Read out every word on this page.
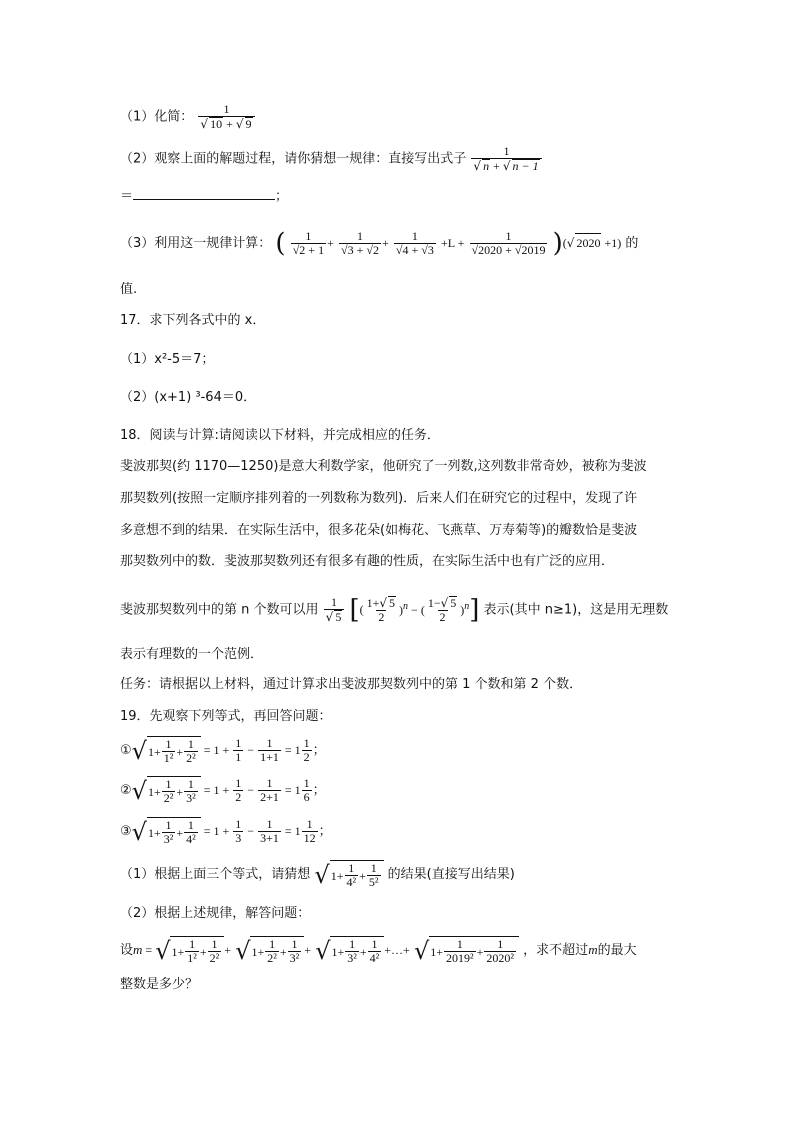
（1）化简： $\frac{1}{√ 10 + √ 9}$
（2）观察上面的解题过程，请你猜想一规律：直接写出式子 $\frac{1}{√ n + √ n - 1}$
＝	；
（3）利用这一规律计算： ( $\frac{1}{√2 + 1} + \frac{1}{√3 + √2} + \frac{1}{√4 + √3} +L + \frac{1}{√2020 + √2019}$ )(√ 2020 +1) 的
值.
17．求下列各式中的 x．
（1）x²-5＝7；
（2）(x+1) ³-64＝0．
18．阅读与计算:请阅读以下材料，并完成相应的任务．
斐波那契(约 1170—1250)是意大利数学家，他研究了一列数,这列数非常奇妙，被称为斐波
那契数列(按照一定顺序排列着的一列数称为数列)．后来人们在研究它的过程中，发现了许
多意想不到的结果．在实际生活中，很多花朵(如梅花、飞燕草、万寿菊等)的瓣数恰是斐波
那契数列中的数．斐波那契数列还有很多有趣的性质，在实际生活中也有广泛的应用．
斐波那契数列中的第 n 个数可以用 $\frac{1}{√ 5}$ [( $\frac{1+√ 5}{2} )^n$ − ( $\frac{1-√ 5}{2} )^n$] 表示(其中 n≥1)，这是用无理数
表示有理数的一个范例．
任务：请根据以上材料，通过计算求出斐波那契数列中的第 1 个数和第 2 个数．
19．先观察下列等式，再回答问题：
① √ $1+ \frac{1}{\text{1²}} + \frac{1}{\text{2²}} = 1 + \frac{1}{1} - \frac{1}{1+1} = 1 \frac{1}{2}$ ；
② √ $1+ \frac{1}{\text{2²}} + \frac{1}{\text{3²}} = 1 + \frac{1}{2} - \frac{1}{2+1} = 1 \frac{1}{6}$ ；
③ √ $1+ \frac{1}{\text{3²}} + \frac{1}{\text{4²}} = 1 + \frac{1}{3} - \frac{1}{3+1} = 1 \frac{1}{12}$ ；
（1）根据上面三个等式，请猜想 √ $1+ \frac{1}{\text{4²}} + \frac{1}{\text{5²}}$ 的结果(直接写出结果)
（2）根据上述规律，解答问题：
设m = √ $1+ \frac{1}{\text{1²}} + \frac{1}{\text{2²}}$ + √ $1+ \frac{1}{\text{2²}} + \frac{1}{\text{3²}}$ + √ $1+ \frac{1}{\text{3²}} + \frac{1}{\text{4²}}$ +…+ √ $1+ \frac{1}{\text{2019²}} + \frac{1}{\text{2020²}}$ ，求不超过m的最大
整数是多少？
